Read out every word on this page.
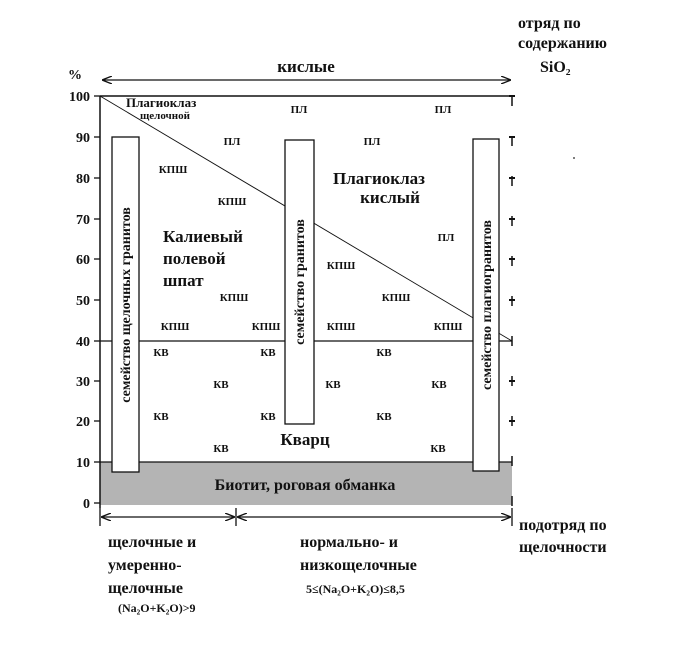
отряд по
содержанию
SiO₂
кислые
%
100
90
80
70
60
50
40
30
20
10
0
семейство щелочных гранитов	семейство гранитов	семейство плагиогранитов
Плагиоклаз
щелочной
Плагиоклаз
кислый
Калиевый
полевой
шпат
Кварц
Биотит, роговая обманка
ПЛ	ПЛ
ПЛ	ПЛ
ПЛ
КПШ
КПШ
КПШ
КПШ	КПШ
КПШ	КПШ	КПШ	КПШ
КВ	КВ	КВ
КВ	КВ	КВ
КВ	КВ	КВ
КВ	КВ
подотряд по
щелочности
щелочные и
умеренно-
щелочные
(Na₂O+K₂O)>9
нормально- и
низкощелочные
5≤(Na₂O+K₂O)≤8,5
